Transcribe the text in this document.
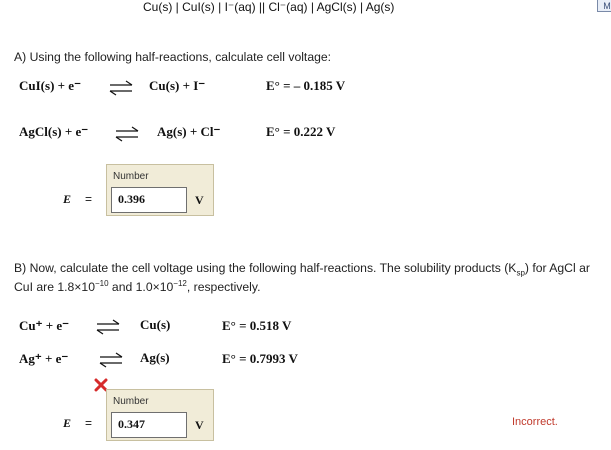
Cu(s) | CuI(s) | I⁻(aq) || Cl⁻(aq) | AgCl(s) | Ag(s)	M
A) Using the following half-reactions, calculate cell voltage:
CuI(s) + e⁻ ⇌ Cu(s) + I⁻	E° = – 0.185 V
AgCl(s) + e⁻ ⇌ Ag(s) + Cl⁻	E° = 0.222 V
E =
Number
0.396	V
B) Now, calculate the cell voltage using the following half-reactions. The solubility products $(K_{sp})$ for AgCl ar
CuI are $1.8\times 10^{-10}$ and $1.0\times 10^{-12}$, respectively.
Cu⁺ + e⁻	Cu(s)	E° = 0.518 V
Ag⁺ + e⁻ ⇌ Ag(s)	E° = 0.7993 V
E =
Number
0.347	V	Incorrect.
